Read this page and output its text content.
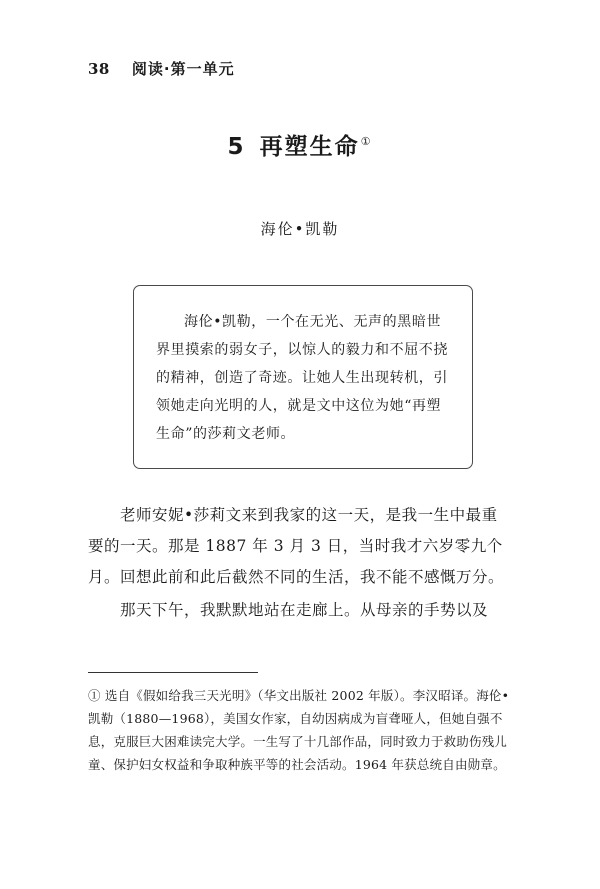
38 阅读·第一单元
5 再塑生命①
海伦•凯勒

海伦•凯勒，一个在无光、无声的黑暗世界里摸索的弱女子，以惊人的毅力和不屈不挠的精神，创造了奇迹。让她人生出现转机，引领她走向光明的人，就是文中这位为她“再塑生命”的莎莉文老师。

老师安妮•莎莉文来到我家的这一天，是我一生中最重要的一天。那是 1887 年 3 月 3 日，当时我才六岁零九个月。回想此前和此后截然不同的生活，我不能不感慨万分。

那天下午，我默默地站在走廊上。从母亲的手势以及

① 选自《假如给我三天光明》（华文出版社 2002 年版）。李汉昭译。海伦•凯勒（1880—1968），美国女作家，自幼因病成为盲聋哑人，但她自强不息，克服巨大困难读完大学。一生写了十几部作品，同时致力于救助伤残儿童、保护妇女权益和争取种族平等的社会活动。1964 年获总统自由勋章。
